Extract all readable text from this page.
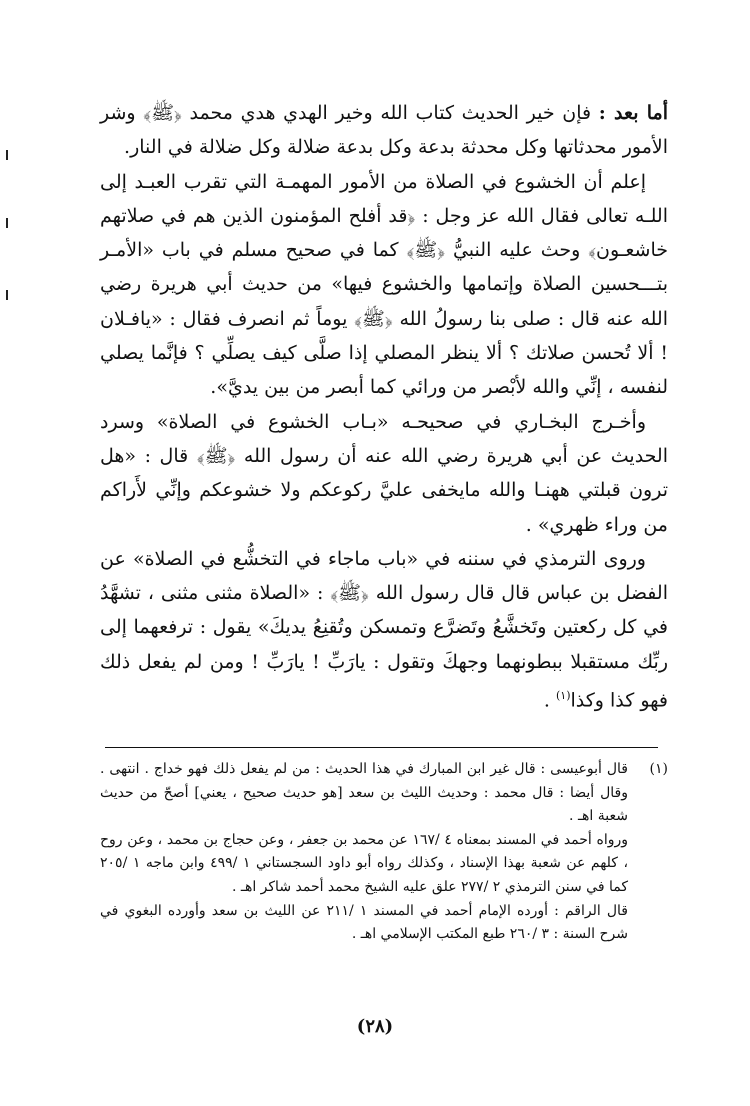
أما بعد : فإن خير الحديث كتاب الله وخير الهدي هدي محمد ﴿ﷺ﴾ وشر الأمور محدثاتها وكل محدثة بدعة وكل بدعة ضلالة وكل ضلالة في النار.

إعلم أن الخشوع في الصلاة من الأمور المهمـة التي تقرب العبـد إلى اللـه تعالى فقال الله عز وجل : ﴿قد أفلح المؤمنون الذين هم في صلاتهم خاشعـون﴾ وحث عليه النبيُّ ﴿ﷺ﴾ كما في صحيح مسلم في باب «الأمـر بتـــحسين الصلاة وإتمامها والخشوع فيها» من حديث أبي هريرة رضي الله عنه قال : صلى بنا رسولُ الله ﴿ﷺ﴾ يوماً ثم انصرف فقال : «يافـلان ! ألا تُحسن صلاتك ؟ ألا ينظر المصلي إذا صلَّى كيف يصلِّي ؟ فإنَّما يصلي لنفسه ، إنِّي والله لأبْصر من ورائي كما أبصر من بين يديَّ».

وأخـرج البخـاري في صحيحـه «بـاب الخشوع في الصلاة» وسرد الحديث عن أبي هريرة رضي الله عنه أن رسول الله ﴿ﷺ﴾ قال : «هل ترون قبلتي ههنـا والله مايخفى عليَّ ركوعكم ولا خشوعكم وإنِّي لأَراكم من وراء ظهري» .

وروى الترمذي في سننه في «باب ماجاء في التخشُّع في الصلاة» عن الفضل بن عباس قال قال رسول الله ﴿ﷺ﴾ : «الصلاة مثنى مثنى ، تشهَّدُ في كل ركعتين وتَخشَّعُ وتَضرَّع وتمسكن وتُقنِعُ يديكَ» يقول : ترفعهما إلى ربِّك مستقبلا ببطونهما وجهكَ وتقول : يارَبِّ ! يارَبِّ ! ومن لم يفعل ذلك فهو كذا وكذا$^{(١)}$ .

(١)
قال أبوعيسى : قال غير ابن المبارك في هذا الحديث : من لم يفعل ذلك فهو خداج . انتهى . وقال أيضا : قال محمد : وحديث الليث بن سعد [هو حديث صحيح ، يعني] أصحّ من حديث شعبة اهـ .
ورواه أحمد في المسند بمعناه ٤ /١٦٧ عن محمد بن جعفر ، وعن حجاج بن محمد ، وعن روح ، كلهم عن شعبة بهذا الإسناد ، وكذلك رواه أبو داود السجستاني ١ /٤٩٩ وابن ماجه ١ /٢٠٥ كما في سنن الترمذي ٢ /٢٧٧ علق عليه الشيخ محمد أحمد شاكر اهـ .
قال الراقم : أورده الإمام أحمد في المسند ١ /٢١١ عن الليث بن سعد وأورده البغوي في شرح السنة : ٣ /٢٦٠ طبع المكتب الإسلامي اهـ .
(٢٨)
